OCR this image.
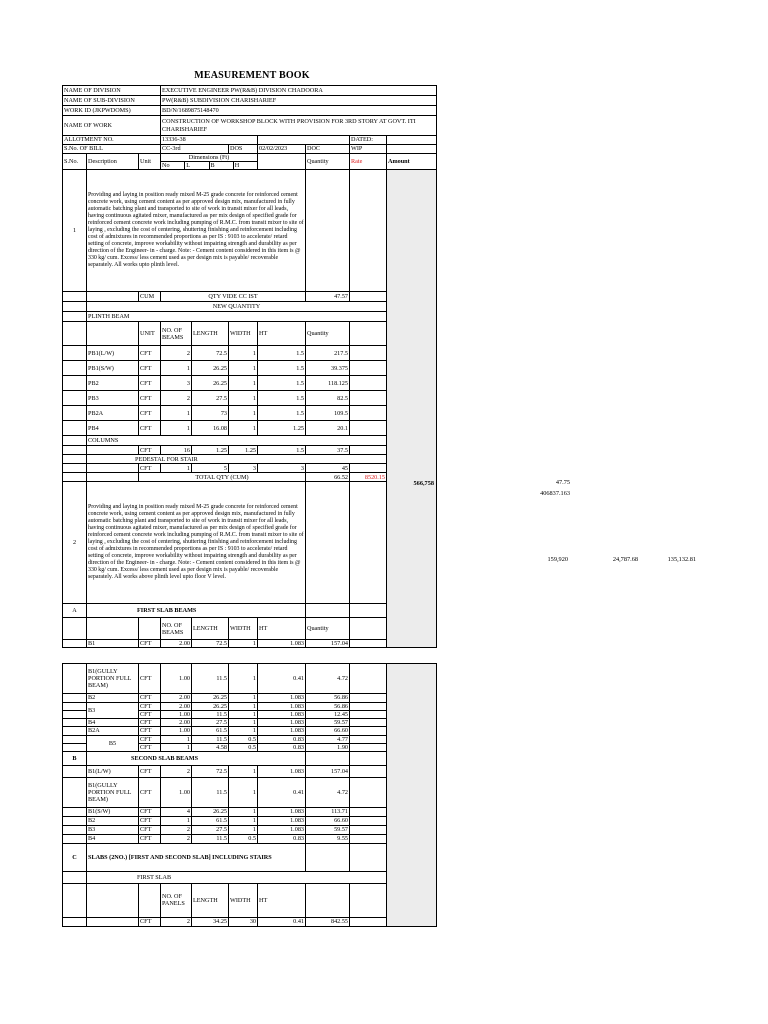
MEASUREMENT BOOK
NAME OF DIVISION			EXECUTIVE ENGINEER PW(R&B) DIVISION CHADOORA						
NAME OF SUB-DIVISION			PW(R&B) SUBDIVISION CHARISHARIEF						
WORK ID (JKPWDOMS)			BD/N/1689875148470						
NAME OF WORK			CONSTRUCTION OF WORKSHOP BLOCK WITH PROVISION FOR 3RD STORY AT GOVT. ITI CHARISHARIEF						
ALLOTMENT NO.			13336-38					DATED:	
S.No. OF BILL			CC-3rd		DOS	02/02/2023	DOC	WIP	
S.No.	Description	Unit	Dimensions (Ft)
No L B H				Quantity	Rate	Amount
1	Providing and laying in position ready mixed M-25 grade concrete for reinforced cement concrete work, using cement content as per approved design mix, manufactured in fully automatic batching plant and transported to site of work in transit mixer for all leads, having continuous agitated mixer, manufactured as per mix design of specified grade for reinforced cement concrete work including pumping of R.M.C. from transit mixer to site of laying , excluding the cost of centering, shuttering finishing and reinforcement including cost of admixtures in recommended proportions as per IS : 9103 to accelerate/ retard setting of concrete, improve workability without impairing strength and durability as per direction of the Engineer- in - charge. Note: - Cement content considered in this item is @ 330 kg/ cum. Excess/ less cement used as per design mix is payable/ recoverable separately. All works upto plinth level.								
		CUM	QTY VIDE CC IST				47.57		
	NEW QUANTITY								
	PLINTH BEAM								
		UNIT	NO. OF BEAMS	LENGTH	WIDTH	HT	Quantity		
	PB1(L/W)	CFT	2	72.5	1	1.5	217.5		
	PB1(S/W)	CFT	1	26.25	1	1.5	39.375		
	PB2	CFT	3	26.25	1	1.5	118.125		
	PB3	CFT	2	27.5	1	1.5	82.5		
	PB2A	CFT	1	73	1	1.5	109.5		
	PB4	CFT	1	16.08	1	1.25	20.1		
	COLUMNS								
		CFT	16	1.25	1.25	1.5	37.5		
	PEDESTAL FOR STAIR								
		CFT	1	5	3	3	45		
		TOTAL QTY (CUM)					66.52	8520.15	
2	Providing and laying in position ready mixed M-25 grade concrete for reinforced cement concrete work, using cement content as per approved design mix, manufactured in fully automatic batching plant and transported to site of work in transit mixer for all leads, having continuous agitated mixer, manufactured as per mix design of specified grade for reinforced cement concrete work including pumping of R.M.C. from transit mixer to site of laying , excluding the cost of centering, shuttering finishing and reinforcement including cost of admixtures in recommended proportions as per IS : 9103 to accelerate/ retard setting of concrete, improve workability without impairing strength and durability as per direction of the Engineer- in - charge. Note: - Cement content considered in this item is @ 330 kg/ cum. Excess/ less cement used as per design mix is payable/ recoverable separately. All works above plinth level upto floor V level.								
A	FIRST SLAB BEAMS								
			NO. OF BEAMS	LENGTH	WIDTH	HT	Quantity		
	B1	CFT	2.00	72.5	1	1.083	157.04		
	B1(GULLY PORTION FULL BEAM)	CFT	1.00	11.5	1	0.41	4.72		
	B2	CFT	2.00	26.25	1	1.083	56.86		
	B3	CFT	2.00	26.25	1	1.083	56.86		
		CFT	1.00	11.5	1	1.083	12.45		
	B4	CFT	2.00	27.5	1	1.083	59.57		
	B2A	CFT	1.00	61.5	1	1.083	66.60		
	B5	CFT	1	11.5	0.5	0.83	4.77		
		CFT	1	4.58	0.5	0.83	1.90		
B	SECOND SLAB BEAMS								
	B1(L/W)	CFT	2	72.5	1	1.083	157.04		
	B1(GULLY PORTION FULL BEAM)	CFT	1.00	11.5	1	0.41	4.72		
	B1(S/W)	CFT	4	26.25	1	1.083	113.71		
	B2	CFT	1	61.5	1	1.083	66.60		
	B3	CFT	2	27.5	1	1.083	59.57		
	B4	CFT	2	11.5	0.5	0.83	9.55		
C	SLABS (2NO.) [FIRST AND SECOND SLAB] INCLUDING STAIRS								
	FIRST SLAB								
			NO. OF PANELS	LENGTH	WIDTH	HT			
		CFT	2	34.25	30	0.41	842.55		
566,758	47.75
406837.163
159,920	24,787.68	135,132.81
